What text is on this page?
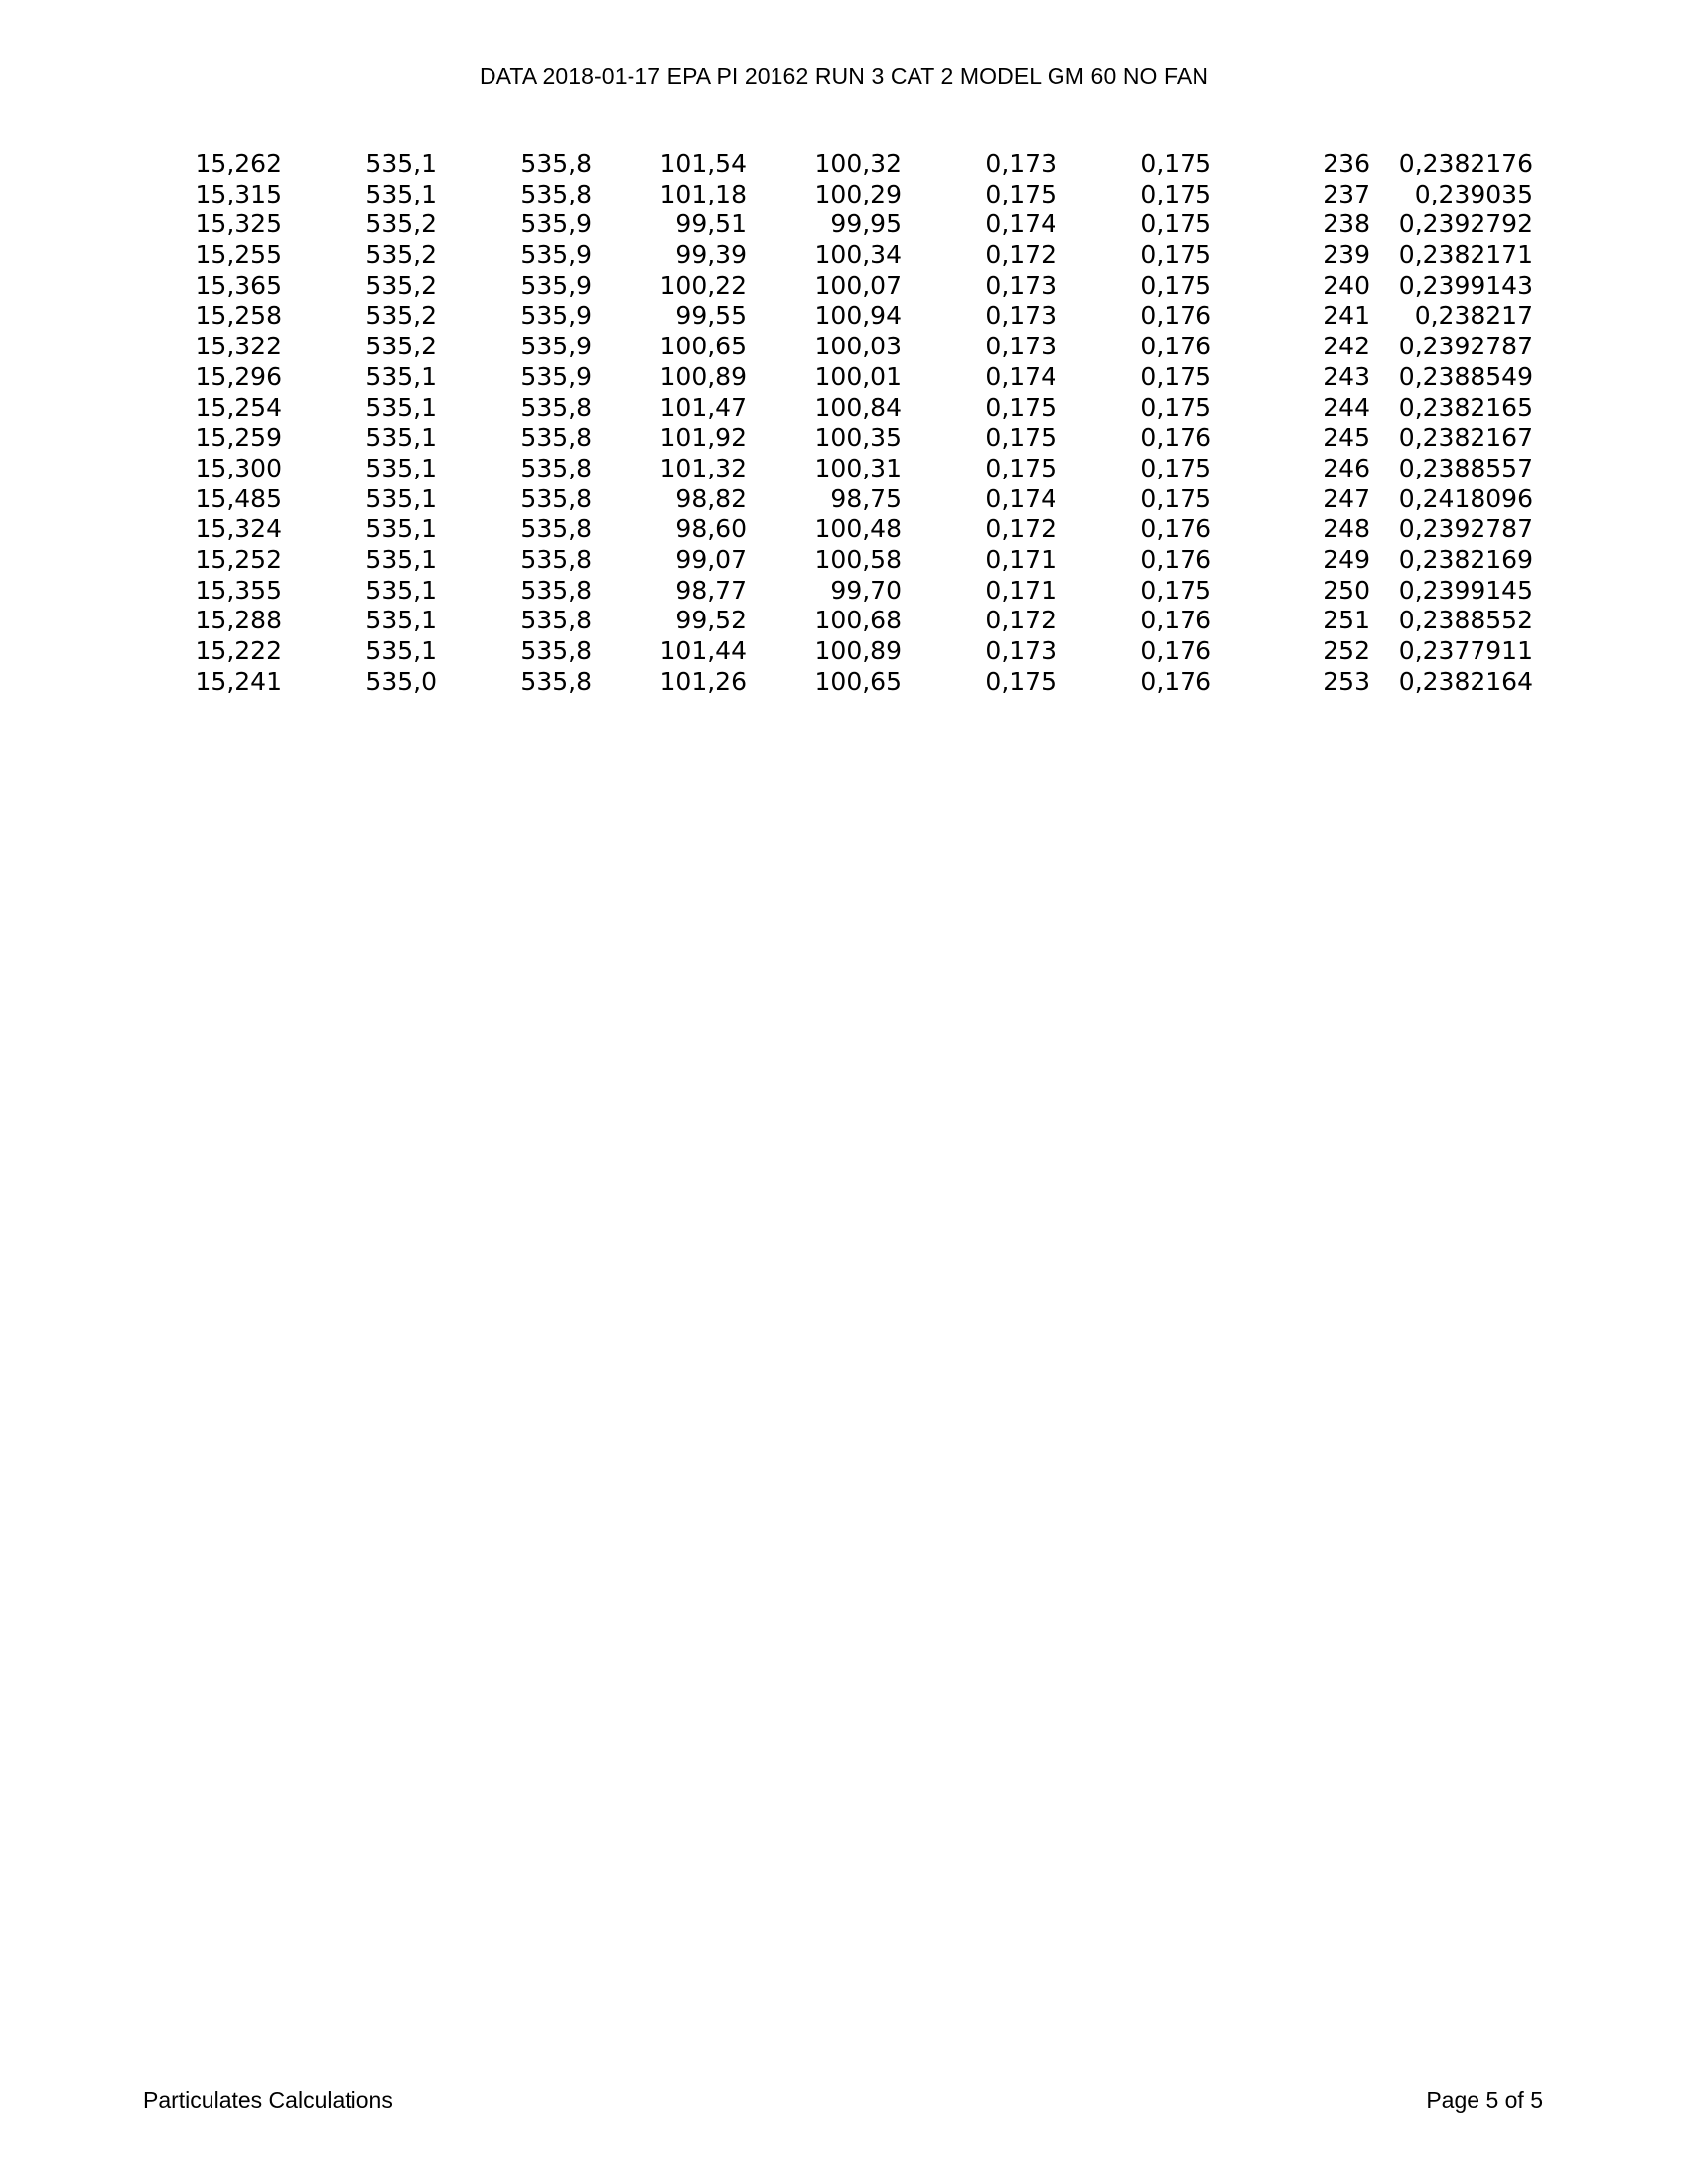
DATA 2018-01-17 EPA PI 20162 RUN 3 CAT 2 MODEL GM 60 NO FAN
15,262	535,1	535,8	101,54	100,32	0,173	0,175	236 0,2382176
15,315	535,1	535,8	101,18	100,29	0,175	0,175	237 0,239035
15,325	535,2	535,9	99,51	99,95	0,174	0,175	238 0,2392792
15,255	535,2	535,9	99,39	100,34	0,172	0,175	239 0,2382171
15,365	535,2	535,9	100,22	100,07	0,173	0,175	240 0,2399143
15,258	535,2	535,9	99,55	100,94	0,173	0,176	241 0,238217
15,322	535,2	535,9	100,65	100,03	0,173	0,176	242 0,2392787
15,296	535,1	535,9	100,89	100,01	0,174	0,175	243 0,2388549
15,254	535,1	535,8	101,47	100,84	0,175	0,175	244 0,2382165
15,259	535,1	535,8	101,92	100,35	0,175	0,176	245 0,2382167
15,300	535,1	535,8	101,32	100,31	0,175	0,175	246 0,2388557
15,485	535,1	535,8	98,82	98,75	0,174	0,175	247 0,2418096
15,324	535,1	535,8	98,60	100,48	0,172	0,176	248 0,2392787
15,252	535,1	535,8	99,07	100,58	0,171	0,176	249 0,2382169
15,355	535,1	535,8	98,77	99,70	0,171	0,175	250 0,2399145
15,288	535,1	535,8	99,52	100,68	0,172	0,176	251 0,2388552
15,222	535,1	535,8	101,44	100,89	0,173	0,176	252 0,2377911
15,241	535,0	535,8	101,26	100,65	0,175	0,176	253 0,2382164
Particulates Calculations	Page 5 of 5
